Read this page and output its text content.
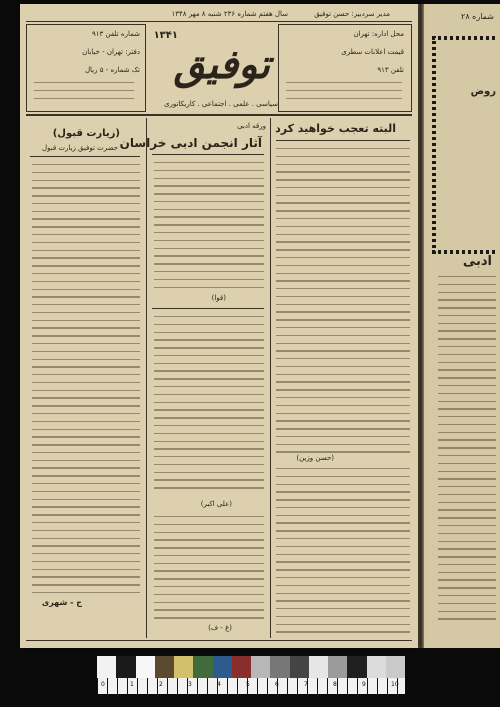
شماره ۲۸
روض
ادبی
مدیر سردبیر: حسن توفیق
سال هفتم شماره ۲۳۶ شنبه ۸ مهر ۱۳۴۸
شماره تلفن ۹۱۳
دفتر: تهران - خیابان
تک شماره - ۵ ریال
۱۳۴۱
توفیق
سیاسی . علمی . اجتماعی . کاریکاتوری
محل اداره: تهران
قیمت اعلانات سطری
تلفن ۹۱۳
البته تعجب خواهید کرد
(حسن وزین)
ورقه ادبی
آثار انجمن ادبی خراسان
(قوا)
(علی اکبر)
(غ - ف)
(زیارت قبول)
حضرت توفیق زیارت قبول
ح - شهری
0	1	2	3	4	5	6	7	8	9	10
